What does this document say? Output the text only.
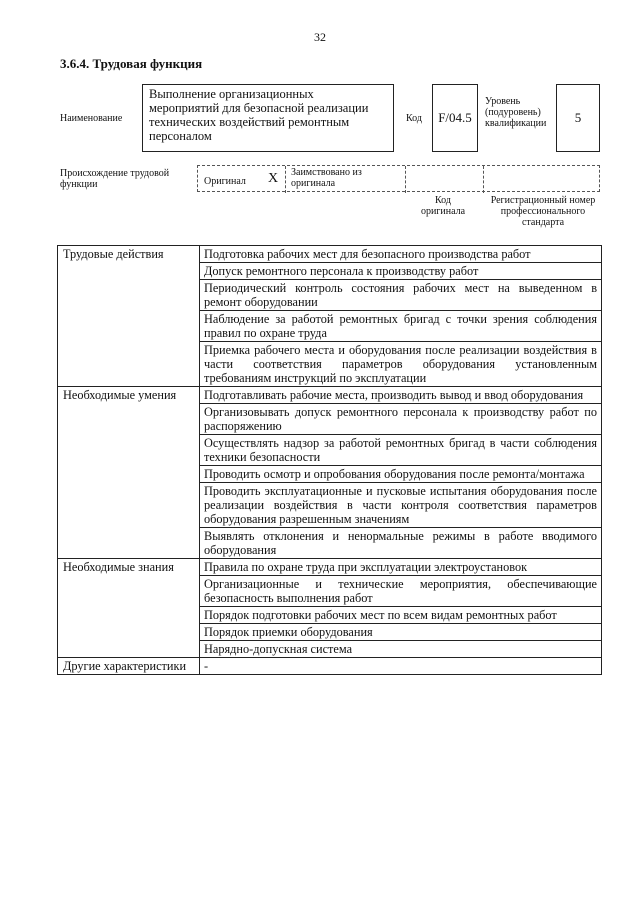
32
3.6.4. Трудовая функция
Наименование
Выполнение организационных мероприятий для безопасной реализации технических воздействий ремонтным персоналом
Код	F/04.5
Уровень (подуровень) квалификации	5
Происхождение трудовой функции	Оригинал X Заимствовано из оригинала
Код оригинала
Регистрационный номер профессионального стандарта
Трудовые действия	Подготовка рабочих мест для безопасного производства работ
	Допуск ремонтного персонала к производству работ
	Периодический контроль состояния рабочих мест на выведенном в ремонт оборудовании
	Наблюдение за работой ремонтных бригад с точки зрения соблюдения правил по охране труда
	Приемка рабочего места и оборудования после реализации воздействия в части соответствия параметров оборудования установленным требованиям инструкций по эксплуатации
Необходимые умения	Подготавливать рабочие места, производить вывод и ввод оборудования
	Организовывать допуск ремонтного персонала к производству работ по распоряжению
	Осуществлять надзор за работой ремонтных бригад в части соблюдения техники безопасности
	Проводить осмотр и опробования оборудования после ремонта/монтажа
	Проводить эксплуатационные и пусковые испытания оборудования после реализации воздействия в части контроля соответствия параметров оборудования разрешенным значениям
	Выявлять отклонения и ненормальные режимы в работе вводимого оборудования
Необходимые знания	Правила по охране труда при эксплуатации электроустановок
	Организационные и технические мероприятия, обеспечивающие безопасность выполнения работ
	Порядок подготовки рабочих мест по всем видам ремонтных работ
	Порядок приемки оборудования
	Нарядно-допускная система
Другие характеристики	-
